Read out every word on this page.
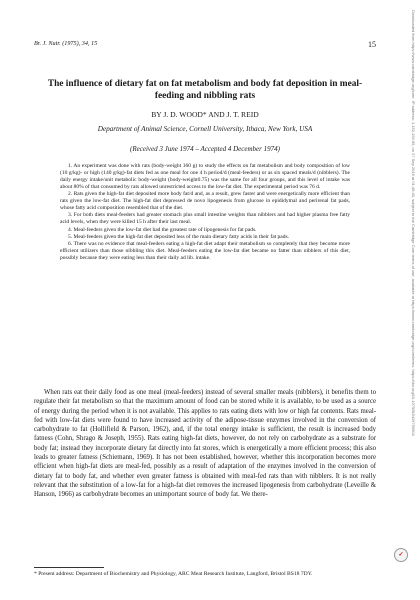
Br. J. Nutr. (1975), 34, 15	15
The influence of dietary fat on fat metabolism and body fat deposition in meal-feeding and nibbling rats
BY J. D. WOOD* AND J. T. REID
Department of Animal Science, Cornell University, Ithaca, New York, USA
(Received 3 June 1974 – Accepted 4 December 1974)

1. An experiment was done with rats (body-weight 160 g) to study the effects on fat metabolism and body composition of low (10 g/kg)- or high (140 g/kg)-fat diets fed as one meal for one 4 h period/d (meal-feeders) or as six spaced meals/d (nibblers). The daily energy intake/unit metabolic body-weight (body-weight0.75) was the same for all four groups, and this level of intake was about 80% of that consumed by rats allowed unrestricted access to the low-fat diet. The experimental period was 76 d.

2. Rats given the high-fat diet deposited more body fat/d and, as a result, grew faster and were energetically more efficient than rats given the low-fat diet. The high-fat diet depressed de novo lipogenesis from glucose in epididymal and perirenal fat pads, whose fatty acid composition resembled that of the diet.

3. For both diets meal-feeders had greater stomach plus small intestine weights than nibblers and had higher plasma free fatty acid levels, when they were killed 15 h after their last meal.

4. Meal-feeders given the low-fat diet had the greatest rate of lipogenesis for fat pads.

5. Meal-feeders given the high-fat diet deposited less of the main dietary fatty acids in their fat pads.

6. There was no evidence that meal-feeders eating a high-fat diet adapt their metabolism so completely that they become more efficient utilizers than those nibbling this diet. Meal-feeders eating the low-fat diet became no fatter than nibblers of this diet, possibly because they were eating less than their daily ad lib. intake.

When rats eat their daily food as one meal (meal-feeders) instead of several smaller meals (nibblers), it benefits them to regulate their fat metabolism so that the maximum amount of food can be stored while it is available, to be used as a source of energy during the period when it is not available. This applies to rats eating diets with low or high fat contents. Rats meal-fed with low-fat diets were found to have increased activity of the adipose-tissue enzymes involved in the conversion of carbohydrate to fat (Hollifield & Parson, 1962), and, if the total energy intake is sufficient, the result is increased body fatness (Cohn, Shrago & Joseph, 1955). Rats eating high-fat diets, however, do not rely on carbohydrate as a substrate for body fat; instead they incorporate dietary fat directly into fat stores, which is energetically a more efficient process; this also leads to greater fatness (Schiemann, 1969). It has not been established, however, whether this incorporation becomes more efficient when high-fat diets are meal-fed, possibly as a result of adaptation of the enzymes involved in the conversion of dietary fat to body fat, and whether even greater fatness is obtained with meal-fed rats than with nibblers. It is not really relevant that the substitution of a low-fat for a high-fat diet removes the increased lipogenesis from carbohydrate (Leveille & Hanson, 1966) as carbohydrate becomes an unimportant source of body fat. We there-

* Present address: Department of Biochemistry and Physiology, ARC Meat Research Institute, Langford, Bristol BS18 7DY.
Downloaded from https://www.cambridge.org/core. IP address: 1.152.193.65, on 27 Sep 2019 at 01:46:40, subject to the Cambridge Core terms of use, available at https://www.cambridge.org/core/terms. https://doi.org/10.1079/BJN19750004
✓
